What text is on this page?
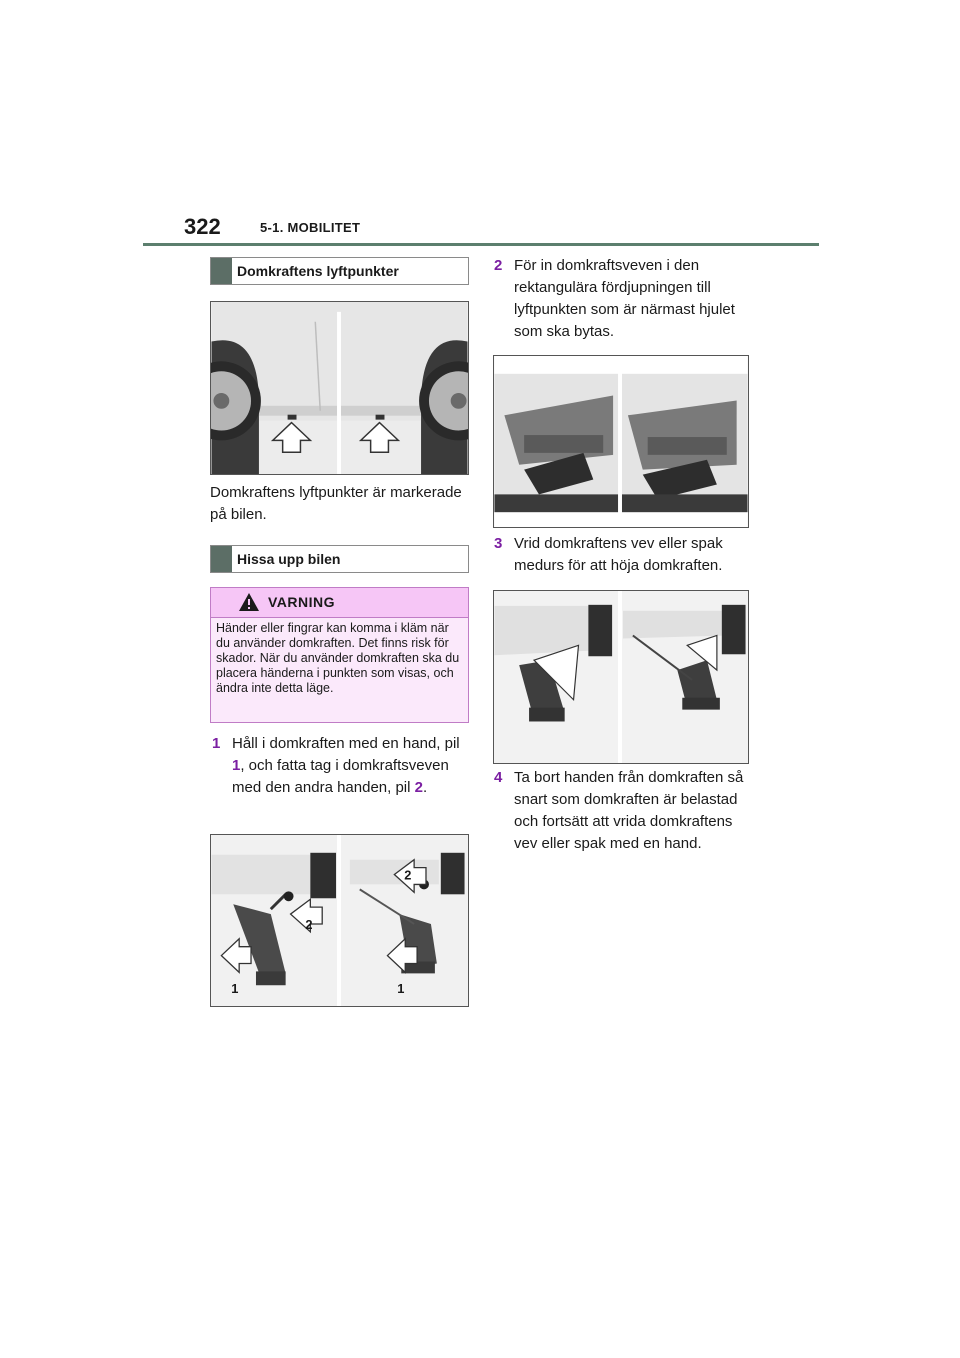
322	5-1. MOBILITET
Domkraftens lyftpunkter
Domkraftens lyftpunkter är markerade på bilen.
Hissa upp bilen
VARNING
Händer eller fingrar kan komma i kläm när du använder domkraften. Det finns risk för skador. När du använder domkraften ska du placera händerna i punkten som visas, och ändra inte detta läge.
1 Håll i domkraften med en hand, pil 1, och fatta tag i domkraftsveven med den andra handen, pil 2.
1
2
1
2
2 För in domkraftsveven i den rektangulära fördjupningen till lyftpunkten som är närmast hjulet som ska bytas.
3 Vrid domkraftens vev eller spak medurs för att höja domkraften.
4 Ta bort handen från domkraften så snart som domkraften är belastad och fortsätt att vrida domkraftens vev eller spak med en hand.
